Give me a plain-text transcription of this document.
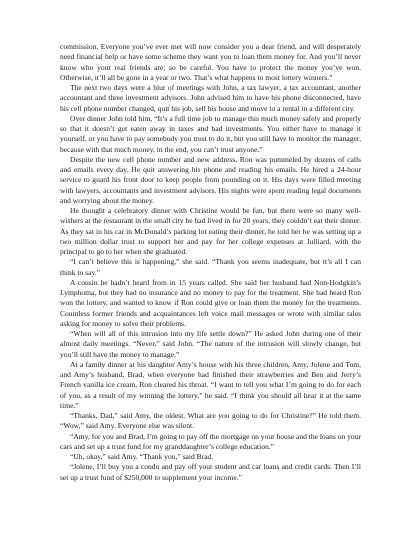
commission. Everyone you’ve ever met will now consider you a dear friend, and will desperately need financial help or have some scheme they want you to loan them money for. And you’ll never know who your real friends are; so be careful. You have to protect the money you’ve won. Otherwise, it’ll all be gone in a year or two. That’s what happens to most lottery winners.”

The next two days were a blur of meetings with John, a tax lawyer, a tax accountant, another accountant and three investment advisors. John advised him to have his phone disconnected, have his cell phone number changed, quit his job, sell his house and move to a rental in a different city.

Over dinner John told him, “It’s a full time job to manage this much money safely and properly so that it doesn’t get eaten away in taxes and bad investments. You either have to manage it yourself, or you have to pay somebody you trust to do it, but you still have to monitor the manager, because with that much money, in the end, you can’t trust anyone.”

Despite the new cell phone number and new address, Ron was pummeled by dozens of calls and emails every day. He quit answering his phone and reading his emails. He hired a 24-hour service to guard his front door to keep people from pounding on it. His days were filled meeting with lawyers, accountants and investment advisors. His nights were spent reading legal documents and worrying about the money.

He thought a celebratory dinner with Christine would be fun, but there were so many well-wishers at the restaurant in the small city he had lived in for 20 years, they couldn’t eat their dinner. As they sat in his car in McDonald’s parking lot eating their dinner, he told her he was setting up a two million dollar trust to support her and pay for her college expenses at Julliard, with the principal to go to her when she graduated.

“I can’t believe this is happening,” she said. “Thank you seems inadequate, but it’s all I can think to say.”

A cousin he hadn’t heard from in 15 years called. She said her husband had Non-Hodgkin’s Lymphoma, but they had no insurance and no money to pay for the treatment. She had heard Ron won the lottery, and wanted to know if Ron could give or loan them the money for the treatments. Countless former friends and acquaintances left voice mail messages or wrote with similar tales asking for money to solve their problems.

“When will all of this intrusion into my life settle down?” He asked John during one of their almost daily meetings. “Never,” said John. “The nature of the intrusion will slowly change, but you’ll still have the money to manage.”

At a family dinner at his daughter Amy’s house with his three children, Amy, Jolene and Tom, and Amy’s husband, Brad, when everyone had finished their strawberries and Ben and Jerry’s French vanilla ice cream, Ron cleared his throat. “I want to tell you what I’m going to do for each of you, as a result of my winning the lottery,” he said. “I think you should all hear it at the same time.”

“Thanks, Dad,” said Amy, the oldest. What are you going to do for Christine?” He told them. “Wow,” said Amy. Everyone else was silent.

“Amy, for you and Brad, I’m going to pay off the mortgage on your house and the loans on your cars and set up a trust fund for my granddaughter’s college education.”

“Uh, okay,” said Amy. “Thank you,” said Brad.

“Jolene, I’ll buy you a condo and pay off your student and car loans and credit cards. Then I’ll set up a trust fund of $250,000 to supplement your income.”
